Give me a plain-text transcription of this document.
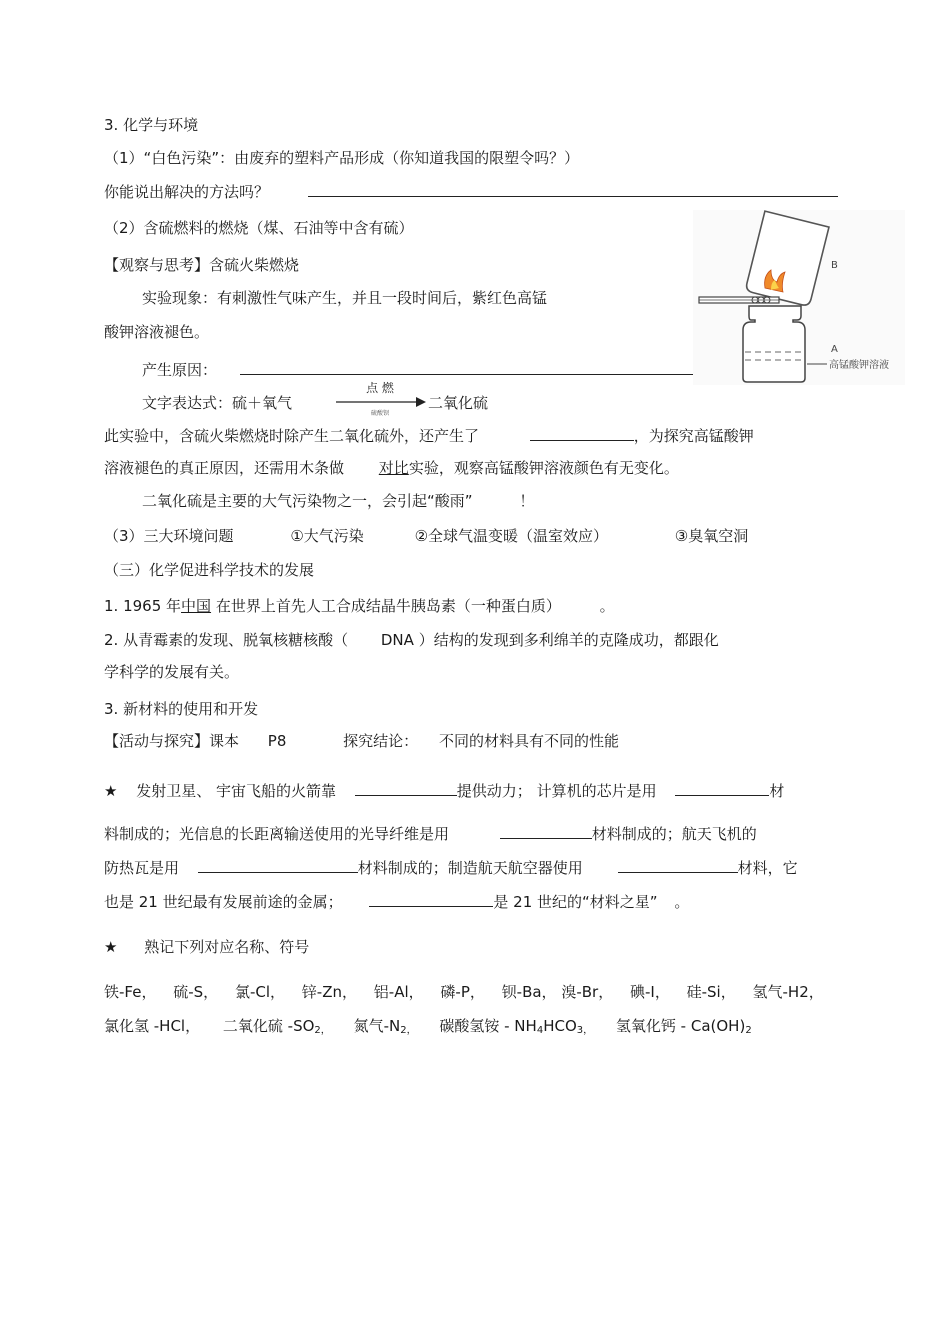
3. 化学与环境
（1）“白色污染”：由废弃的塑料产品形成（你知道我国的限塑令吗？）
你能说出解决的方法吗？
（2）含硫燃料的燃烧（煤、石油等中含有硫）
【观察与思考】含硫火柴燃烧
实验现象：有刺激性气味产生，并且一段时间后，紫红色高锰
酸钾溶液褪色。
产生原因：
文字表达式：硫＋氧气
点 燃
硫酸钡
二氧化硫
此实验中，含硫火柴燃烧时除产生二氧化硫外，还产生了	，为探究高锰酸钾
溶液褪色的真正原因，还需用木条做 对比实验，观察高锰酸钾溶液颜色有无变化。
二氧化硫是主要的大气污染物之一，会引起“酸雨”	！
（3）三大环境问题	①大气污染	②全球气温变暖（温室效应）	③臭氧空洞
（三）化学促进科学技术的发展
1. 1965 年中国 在世界上首先人工合成结晶牛胰岛素（一种蛋白质）	。
2. 从青霉素的发现、脱氧核糖核酸（ DNA ）结构的发现到多利绵羊的克隆成功，都跟化
学科学的发展有关。
3. 新材料的使用和开发
【活动与探究】课本 P8	探究结论： 不同的材料具有不同的性能
★ 发射卫星、 宇宙飞船的火箭靠	提供动力； 计算机的芯片是用	材
料制成的；光信息的长距离输送使用的光导纤维是用	材料制成的；航天飞机的
防热瓦是用	材料制成的；制造航天航空器使用	材料，它
也是 21 世纪最有发展前途的金属；	是 21 世纪的“材料之星” 。
★ 熟记下列对应名称、符号
铁-Fe， 硫-S， 氯-Cl， 锌-Zn， 铝-Al， 磷-P， 钡-Ba， 溴-Br， 碘-I， 硅-Si， 氢气-H2，
氯化氢 -HCl， 二氧化硫 $-SO_{2,}$ 氮气$-N_{2,}$ 碳酸氢铵 - $NH_4HCO_{3,}$ 氢氧化钙 - $Ca(OH)_2$
B
A
高锰酸钾溶液
